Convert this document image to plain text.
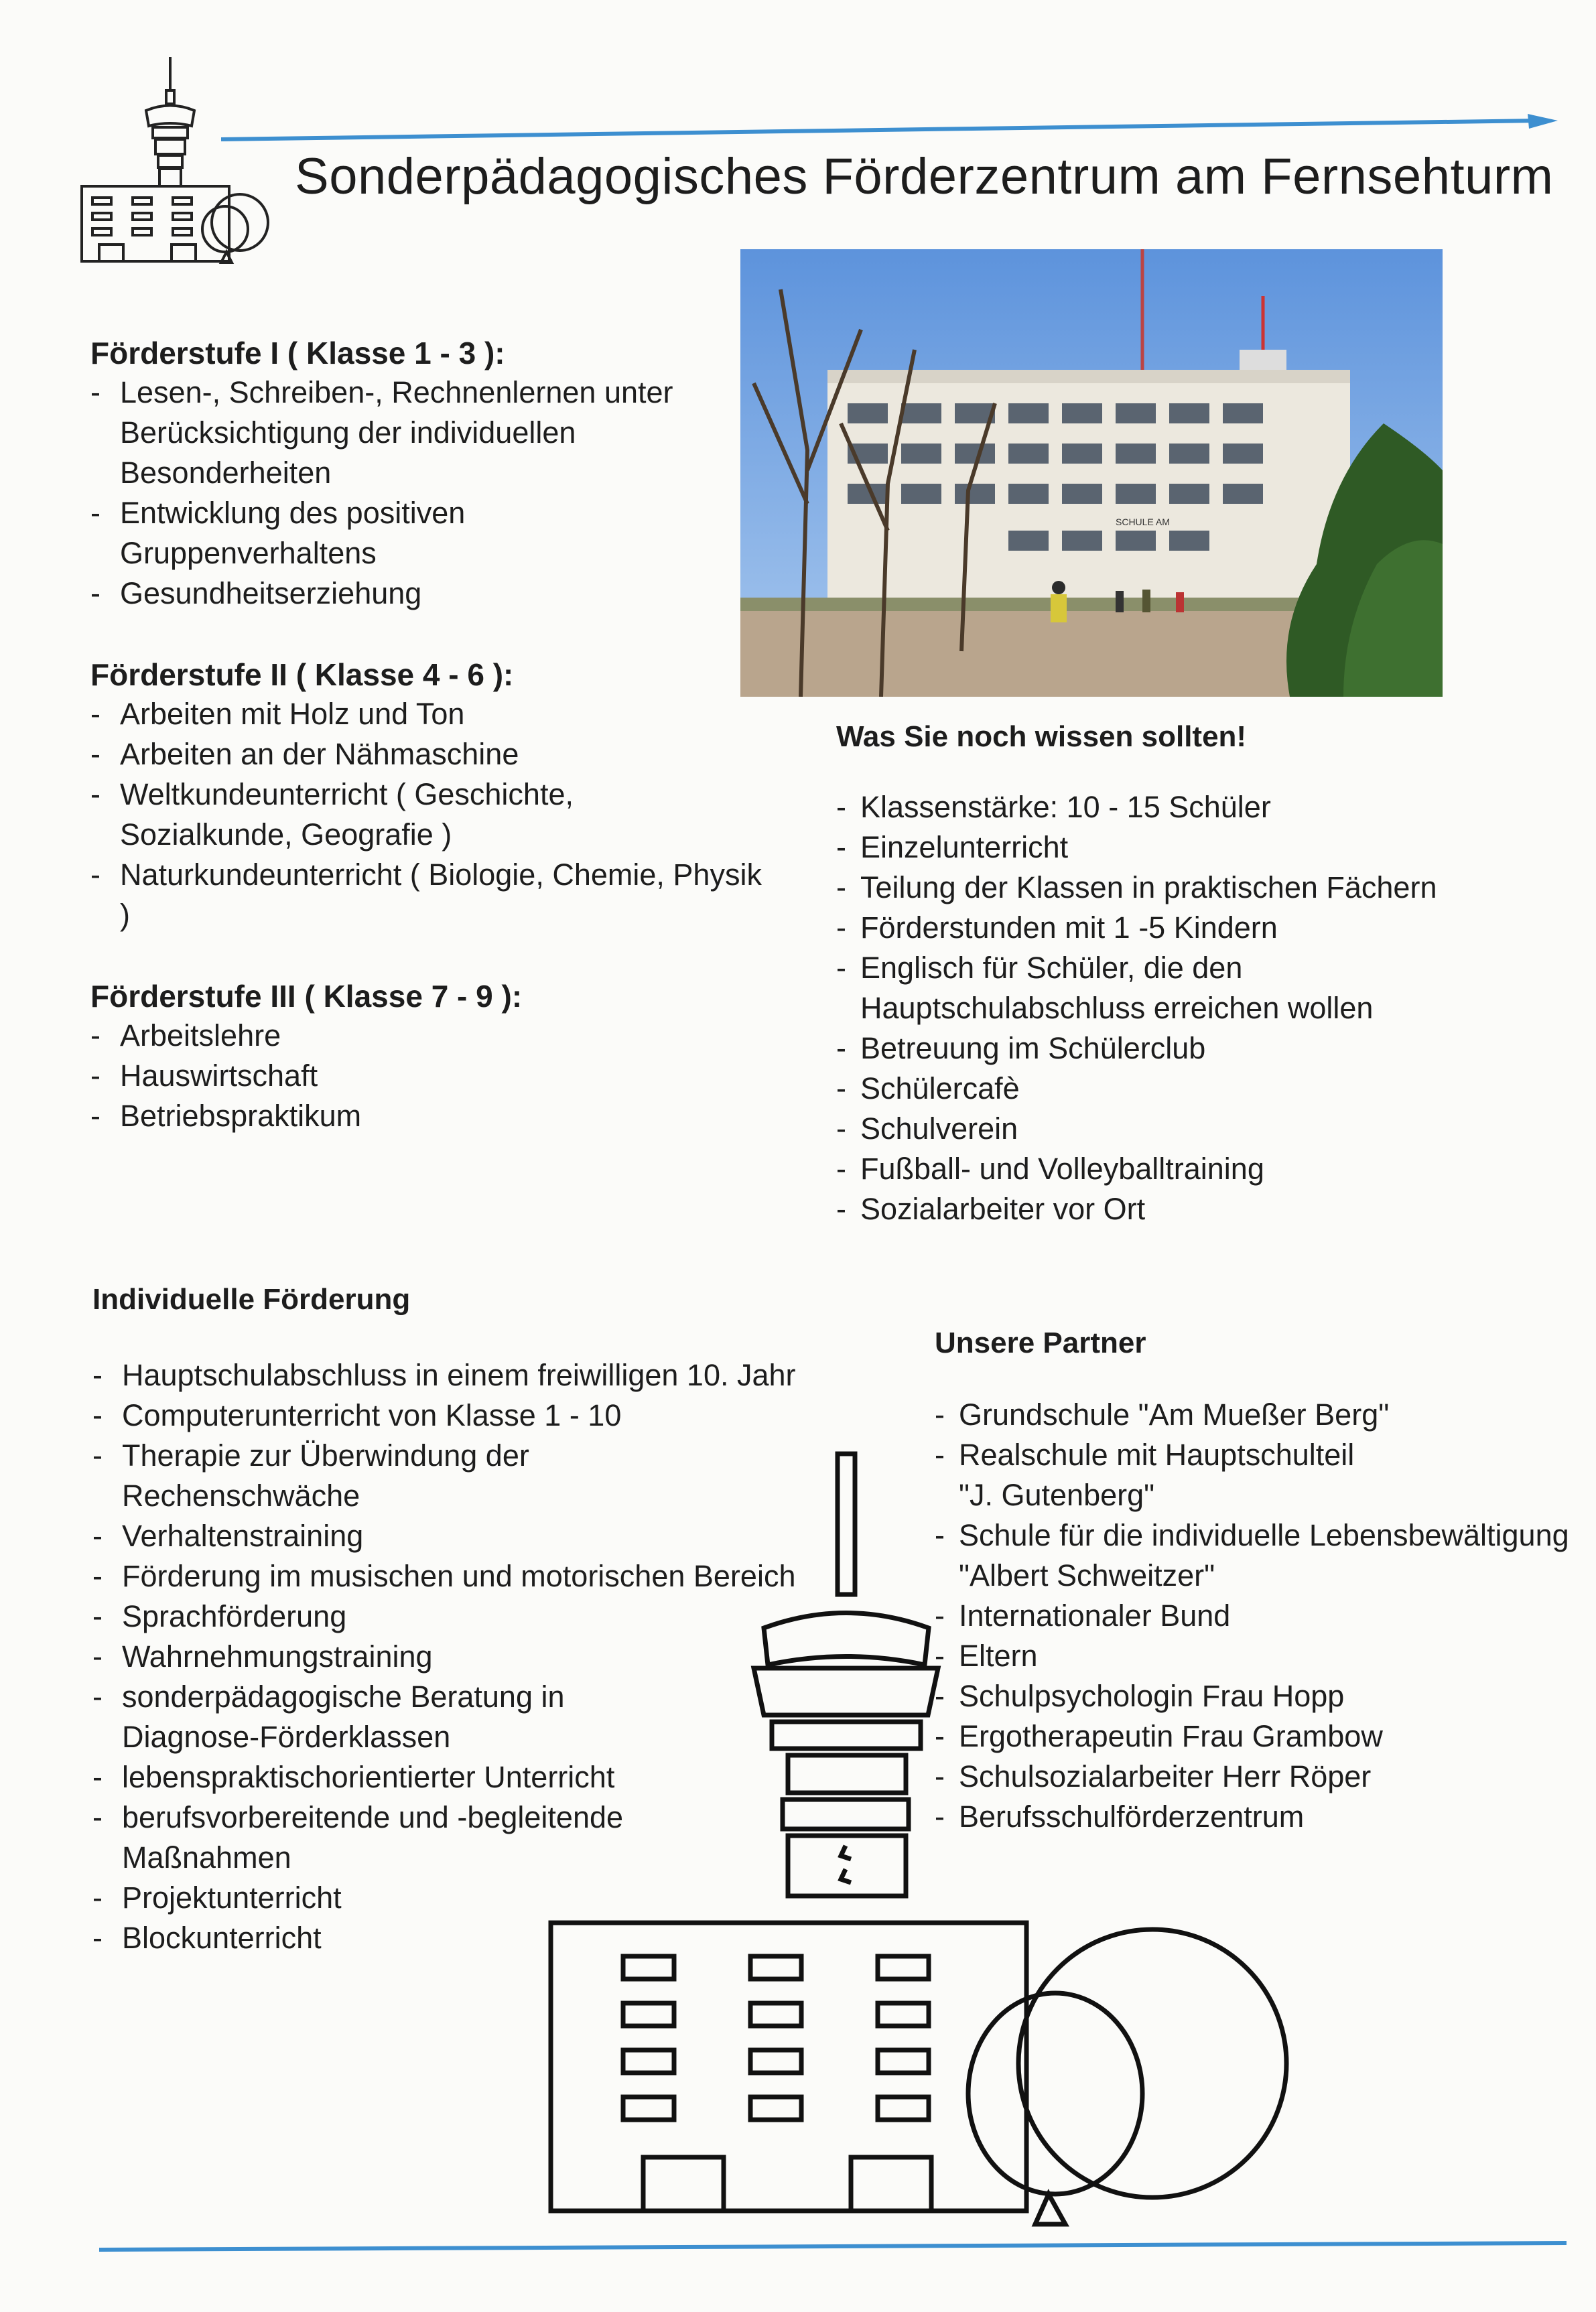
Sonderpädagogisches Förderzentrum am Fernsehturm
SCHULE AM
Förderstufe I ( Klasse 1 - 3 ):
- Lesen-, Schreiben-, Rechnenlernen unter Berücksichtigung der individuellen Besonderheiten
- Entwicklung des positiven Gruppenverhaltens
- Gesundheitserziehung
Förderstufe II ( Klasse 4 - 6 ):
- Arbeiten mit Holz und Ton
- Arbeiten an der Nähmaschine
- Weltkundeunterricht ( Geschichte, Sozialkunde, Geografie )
- Naturkundeunterricht ( Biologie, Chemie, Physik )
Förderstufe III ( Klasse 7 - 9 ):
- Arbeitslehre
- Hauswirtschaft
- Betriebspraktikum
Was Sie noch wissen sollten!
- Klassenstärke: 10 - 15 Schüler
- Einzelunterricht
- Teilung der Klassen in praktischen Fächern
- Förderstunden mit 1 -5 Kindern
- Englisch für Schüler, die den Hauptschulabschluss erreichen wollen
- Betreuung im Schülerclub
- Schülercafè
- Schulverein
- Fußball- und Volleyballtraining
- Sozialarbeiter vor Ort
Individuelle Förderung
- Hauptschulabschluss in einem freiwilligen 10. Jahr
- Computerunterricht von Klasse 1 - 10
- Therapie zur Überwindung der Rechenschwäche
- Verhaltenstraining
- Förderung im musischen und motorischen Bereich
- Sprachförderung
- Wahrnehmungstraining
- sonderpädagogische Beratung in Diagnose-Förderklassen
- lebenspraktischorientierter Unterricht
- berufsvorbereitende und -begleitende Maßnahmen
- Projektunterricht
- Blockunterricht
Unsere Partner
- Grundschule "Am Mueßer Berg"
- Realschule mit Hauptschulteil "J. Gutenberg"
- Schule für die individuelle Lebensbewältigung "Albert Schweitzer"
- Internationaler Bund
- Eltern
- Schulpsychologin Frau Hopp
- Ergotherapeutin Frau Grambow
- Schulsozialarbeiter Herr Röper
- Berufsschulförderzentrum
